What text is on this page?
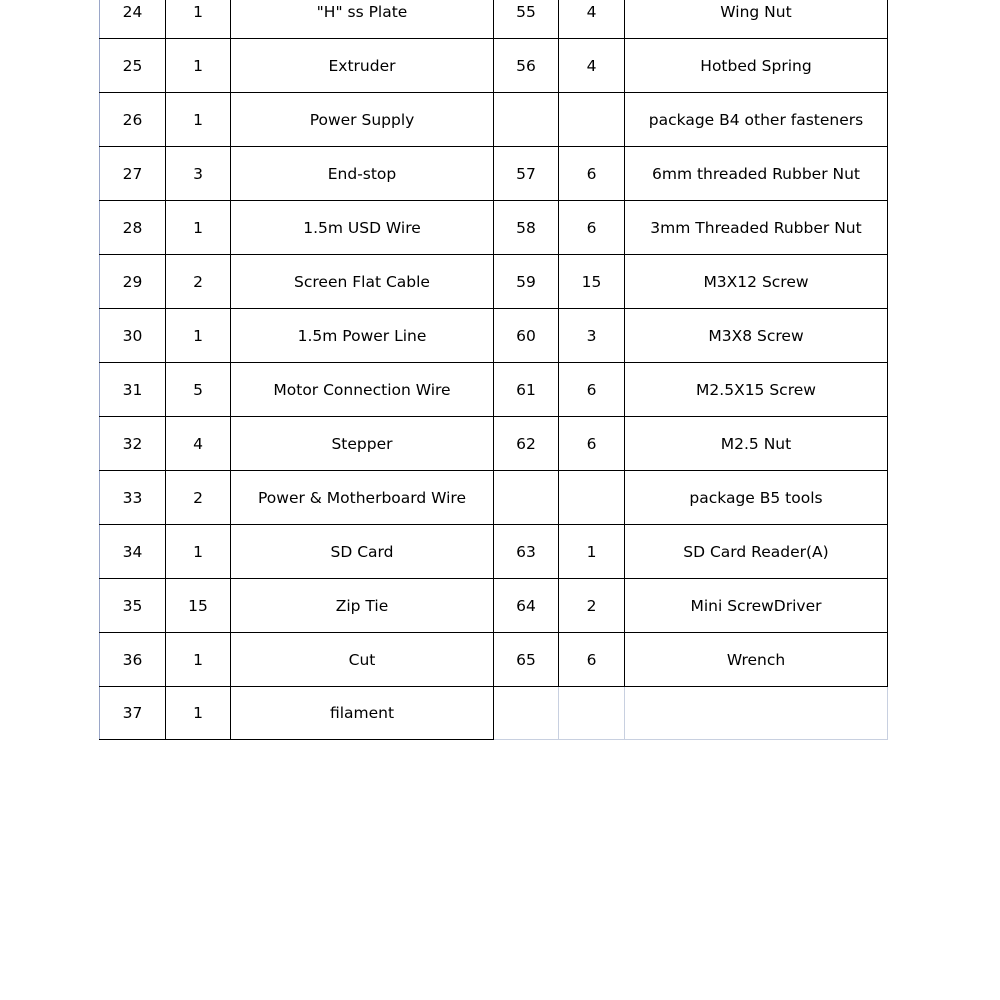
24	1	"H" ss Plate	55	4	Wing Nut
25	1	Extruder	56	4	Hotbed Spring
26	1	Power Supply			package B4 other fasteners
27	3	End-stop	57	6	6mm threaded Rubber Nut
28	1	1.5m USD Wire	58	6	3mm Threaded Rubber Nut
29	2	Screen Flat Cable	59	15	M3X12 Screw
30	1	1.5m Power Line	60	3	M3X8 Screw
31	5	Motor Connection Wire	61	6	M2.5X15 Screw
32	4	Stepper	62	6	M2.5 Nut
33	2	Power & Motherboard Wire			package B5 tools
34	1	SD Card	63	1	SD Card Reader(A)
35	15	Zip Tie	64	2	Mini ScrewDriver
36	1	Cut	65	6	Wrench
37	1	filament			
